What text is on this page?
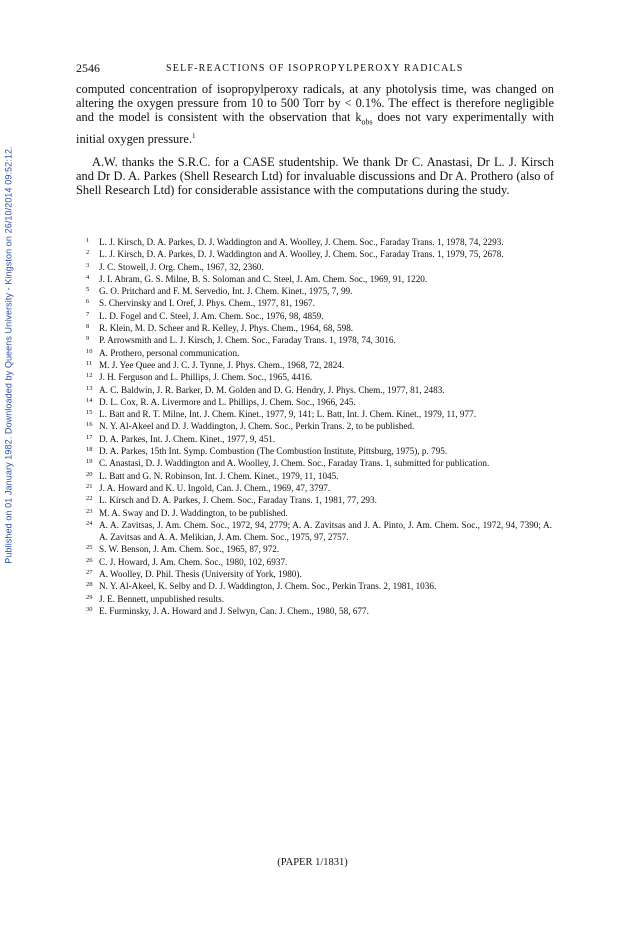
Published on 01 January 1982. Downloaded by Queens University - Kingston on 26/10/2014 09:52:12.
2546	SELF-REACTIONS OF ISOPROPYLPEROXY RADICALS
computed concentration of isopropylperoxy radicals, at any photolysis time, was changed on altering the oxygen pressure from 10 to 500 Torr by < 0.1%. The effect is therefore negligible and the model is consistent with the observation that $k_{obs}$ does not vary experimentally with initial oxygen pressure.$^1$
A.W. thanks the S.R.C. for a CASE studentship. We thank Dr C. Anastasi, Dr L. J. Kirsch and Dr D. A. Parkes (Shell Research Ltd) for invaluable discussions and Dr A. Prothero (also of Shell Research Ltd) for considerable assistance with the computations during the study.
1	L. J. Kirsch, D. A. Parkes, D. J. Waddington and A. Woolley, J. Chem. Soc., Faraday Trans. 1, 1978, 74, 2293.
2	L. J. Kirsch, D. A. Parkes, D. J. Waddington and A. Woolley, J. Chem. Soc., Faraday Trans. 1, 1979, 75, 2678.
3	J. C. Stowell, J. Org. Chem., 1967, 32, 2360.
4	J. I. Abram, G. S. Milne, B. S. Soloman and C. Steel, J. Am. Chem. Soc., 1969, 91, 1220.
5	G. O. Pritchard and F. M. Servedio, Int. J. Chem. Kinet., 1975, 7, 99.
6	S. Chervinsky and I. Oref, J. Phys. Chem., 1977, 81, 1967.
7	L. D. Fogel and C. Steel, J. Am. Chem. Soc., 1976, 98, 4859.
8	R. Klein, M. D. Scheer and R. Kelley, J. Phys. Chem., 1964, 68, 598.
9	P. Arrowsmith and L. J. Kirsch, J. Chem. Soc., Faraday Trans. 1, 1978, 74, 3016.
10 A. Prothero, personal communication.
11 M. J. Yee Quee and J. C. J. Tynne, J. Phys. Chem., 1968, 72, 2824.
12 J. H. Ferguson and L. Phillips, J. Chem. Soc., 1965, 4416.
13 A. C. Baldwin, J. R. Barker, D. M. Golden and D. G. Hendry, J. Phys. Chem., 1977, 81, 2483.
14 D. L. Cox, R. A. Livermore and L. Phillips, J. Chem. Soc., 1966, 245.
15 L. Batt and R. T. Milne, Int. J. Chem. Kinet., 1977, 9, 141; L. Batt, Int. J. Chem. Kinet., 1979, 11, 977.
16 N. Y. Al-Akeel and D. J. Waddington, J. Chem. Soc., Perkin Trans. 2, to be published.
17 D. A. Parkes, Int. J. Chem. Kinet., 1977, 9, 451.
18 D. A. Parkes, 15th Int. Symp. Combustion (The Combustion Institute, Pittsburg, 1975), p. 795.
19 C. Anastasi, D. J. Waddington and A. Woolley, J. Chem. Soc., Faraday Trans. 1, submitted for publication.
20 L. Batt and G. N. Robinson, Int. J. Chem. Kinet., 1979, 11, 1045.
21 J. A. Howard and K. U. Ingold, Can. J. Chem., 1969, 47, 3797.
22 L. Kirsch and D. A. Parkes, J. Chem. Soc., Faraday Trans. 1, 1981, 77, 293.
23 M. A. Sway and D. J. Waddington, to be published.
24 A. A. Zavitsas, J. Am. Chem. Soc., 1972, 94, 2779; A. A. Zavitsas and J. A. Pinto, J. Am. Chem. Soc., 1972, 94, 7390; A. A. Zavitsas and A. A. Melikian, J. Am. Chem. Soc., 1975, 97, 2757.
25 S. W. Benson, J. Am. Chem. Soc., 1965, 87, 972.
26 C. J. Howard, J. Am. Chem. Soc., 1980, 102, 6937.
27 A. Woolley, D. Phil. Thesis (University of York, 1980).
28 N. Y. Al-Akeel, K. Selby and D. J. Waddington, J. Chem. Soc., Perkin Trans. 2, 1981, 1036.
29 J. E. Bennett, unpublished results.
30 E. Furminsky, J. A. Howard and J. Selwyn, Can. J. Chem., 1980, 58, 677.
(PAPER 1/1831)
